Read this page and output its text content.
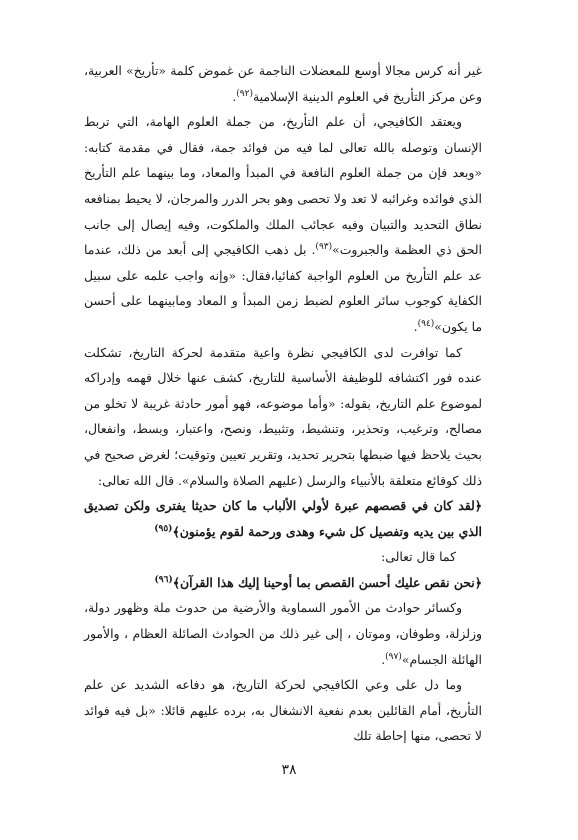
غير أنه كرس مجالا أوسع للمعضلات الناجمة عن غموض كلمة «تأريخ» العربية، وعن مركز التأريخ في العلوم الدينية الإسلامية$^{(٩٢)}$.

ويعتقد الكافيجي، أن علم التأريخ، من جملة العلوم الهامة، التي تربط الإنسان وتوصله بالله تعالى لما فيه من فوائد جمة، فقال في مقدمة كتابه: «وبعد فإن من جملة العلوم النافعة في المبدأ والمعاد، وما بينهما علم التأريخ الذي فوائده وغرائبه لا تعد ولا تحصى وهو بحر الدرر والمرجان، لا يحيط بمنافعه نطاق التحديد والتبيان وفيه عجائب الملك والملكوت، وفيه إيصال إلى جانب الحق ذي العظمة والجبروت»$^{(٩٣)}$. بل ذهب الكافيجي إلى أبعد من ذلك، عندما عد علم التأريخ من العلوم الواجبة كفائيا،فقال: «وإنه واجب علمه على سبيل الكفاية كوجوب سائر العلوم لضبط زمن المبدأ و المعاد ومابينهما على أحسن ما يكون»$^{(٩٤)}$.

كما توافرت لدى الكافيجي نظرة واعية متقدمة لحركة التاريخ، تشكلت عنده فور اكتشافه للوظيفة الأساسية للتاريخ، كشف عنها خلال فهمه وإدراكه لموضوع علم التاريخ، بقوله: «وأما موضوعه، فهو أمور حادثة غريبة لا تخلو من مصالح، وترغيب، وتحذير، وتنشيط، وتثبيط، ونصح، واعتبار، وبسط، وانفعال، بحيث يلاحظ فيها ضبطها بتحرير تحديد، وتقرير تعيين وتوقيت؛ لغرض صحيح في ذلك كوقائع متعلقة بالأنبياء والرسل (عليهم الصلاة والسلام». قال الله تعالى:

﴿لقد كان في قصصهم عبرة لأولي الألباب ما كان حديثا يفترى ولكن تصديق الذي بين يديه وتفصيل كل شيء وهدى ورحمة لقوم يؤمنون﴾$^{(٩٥)}$

كما قال تعالى:

﴿نحن نقص عليك أحسن القصص بما أوحينا إليك هذا القرآن﴾$^{(٩٦)}$

وكسائر حوادث من الأمور السماوية والأرضية من حدوث ملة وظهور دولة، وزلزلة، وطوفان، وموتان ، إلى غير ذلك من الحوادث الصائلة العظام ، والأمور الهائلة الجسام»$^{(٩٧)}$.

وما دل على وعي الكافيجي لحركة التاريخ، هو دفاعه الشديد عن علم التأريخ، أمام القائلين بعدم نفعية الانشغال به، برده عليهم قائلا: «بل فيه فوائد لا تحصى، منها إحاطة تلك

٣٨
